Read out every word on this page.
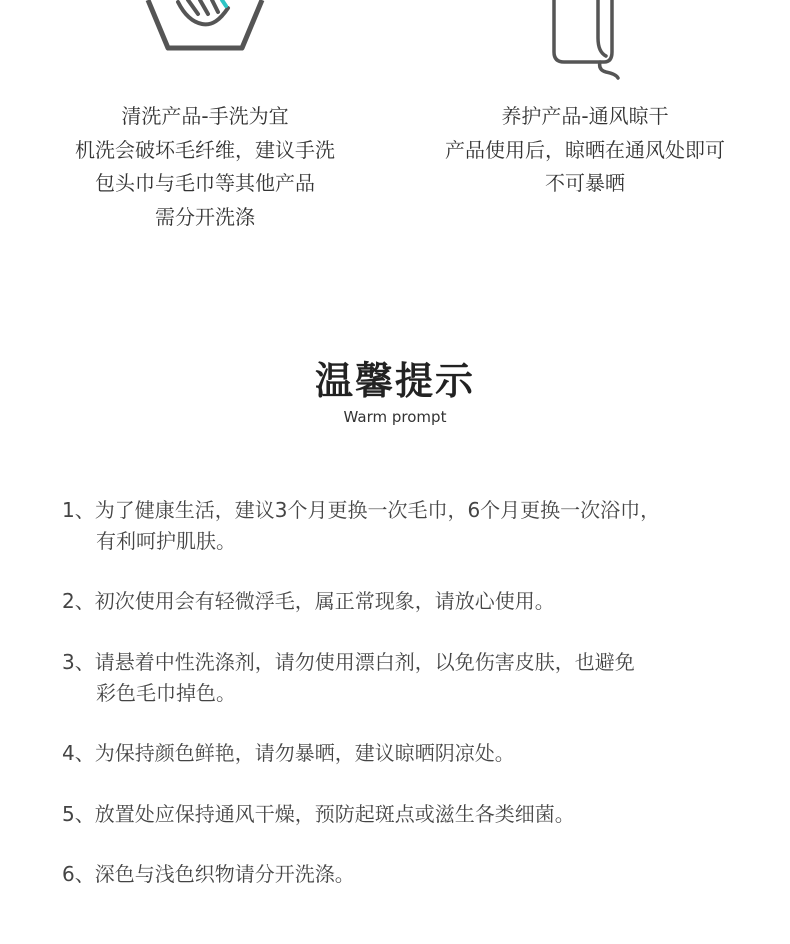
清洗产品-手洗为宜
机洗会破坏毛纤维，建议手洗
包头巾与毛巾等其他产品
需分开洗涤
养护产品-通风晾干
产品使用后，晾晒在通风处即可
不可暴晒
温馨提示
Warm prompt
1、为了健康生活，建议3个月更换一次毛巾，6个月更换一次浴巾，
有利呵护肌肤。
2、初次使用会有轻微浮毛，属正常现象，请放心使用。
3、请悬着中性洗涤剂，请勿使用漂白剂，以免伤害皮肤，也避免
彩色毛巾掉色。
4、为保持颜色鲜艳，请勿暴晒，建议晾晒阴凉处。
5、放置处应保持通风干燥，预防起斑点或滋生各类细菌。
6、深色与浅色织物请分开洗涤。
